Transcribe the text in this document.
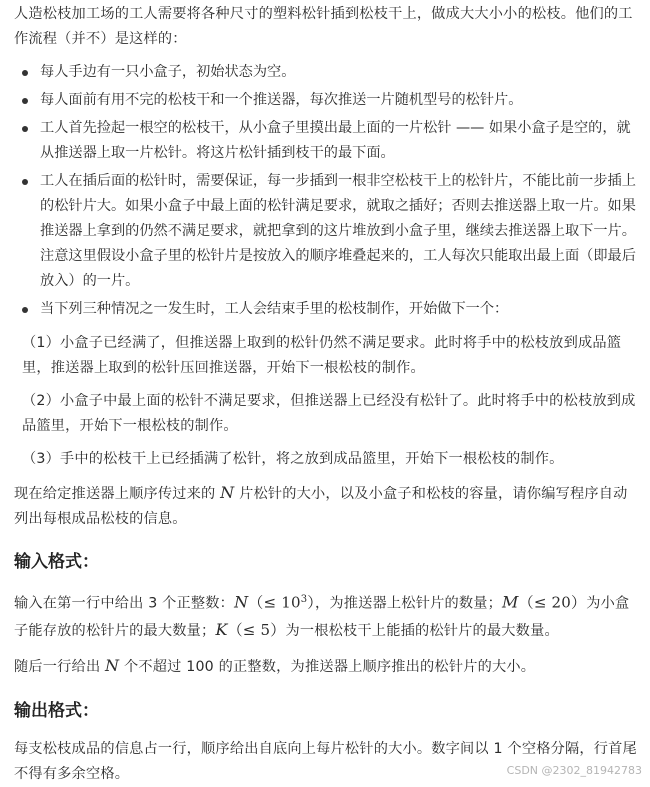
人造松枝加工场的工人需要将各种尺寸的塑料松针插到松枝干上，做成大大小小的松枝。他们的工作流程（并不）是这样的：

每人手边有一只小盒子，初始状态为空。
每人面前有用不完的松枝干和一个推送器，每次推送一片随机型号的松针片。
工人首先捡起一根空的松枝干，从小盒子里摸出最上面的一片松针 —— 如果小盒子是空的，就从推送器上取一片松针。将这片松针插到枝干的最下面。
工人在插后面的松针时，需要保证，每一步插到一根非空松枝干上的松针片，不能比前一步插上的松针片大。如果小盒子中最上面的松针满足要求，就取之插好；否则去推送器上取一片。如果推送器上拿到的仍然不满足要求，就把拿到的这片堆放到小盒子里，继续去推送器上取下一片。注意这里假设小盒子里的松针片是按放入的顺序堆叠起来的，工人每次只能取出最上面（即最后放入）的一片。
当下列三种情况之一发生时，工人会结束手里的松枝制作，开始做下一个：

（1）小盒子已经满了，但推送器上取到的松针仍然不满足要求。此时将手中的松枝放到成品篮里，推送器上取到的松针压回推送器，开始下一根松枝的制作。

（2）小盒子中最上面的松针不满足要求，但推送器上已经没有松针了。此时将手中的松枝放到成品篮里，开始下一根松枝的制作。

（3）手中的松枝干上已经插满了松针，将之放到成品篮里，开始下一根松枝的制作。

现在给定推送器上顺序传过来的 N 片松针的大小，以及小盒子和松枝的容量，请你编写程序自动列出每根成品松枝的信息。

输入格式：

输入在第一行中给出 3 个正整数：$N(\le 10^3)$，为推送器上松针片的数量；M（≤ 20）为小盒子能存放的松针片的最大数量；K（≤ 5）为一根松枝干上能插的松针片的最大数量。

随后一行给出 N 个不超过 100 的正整数，为推送器上顺序推出的松针片的大小。

输出格式：

每支松枝成品的信息占一行，顺序给出自底向上每片松针的大小。数字间以 1 个空格分隔，行首尾不得有多余空格。	CSDN @2302_81942783
